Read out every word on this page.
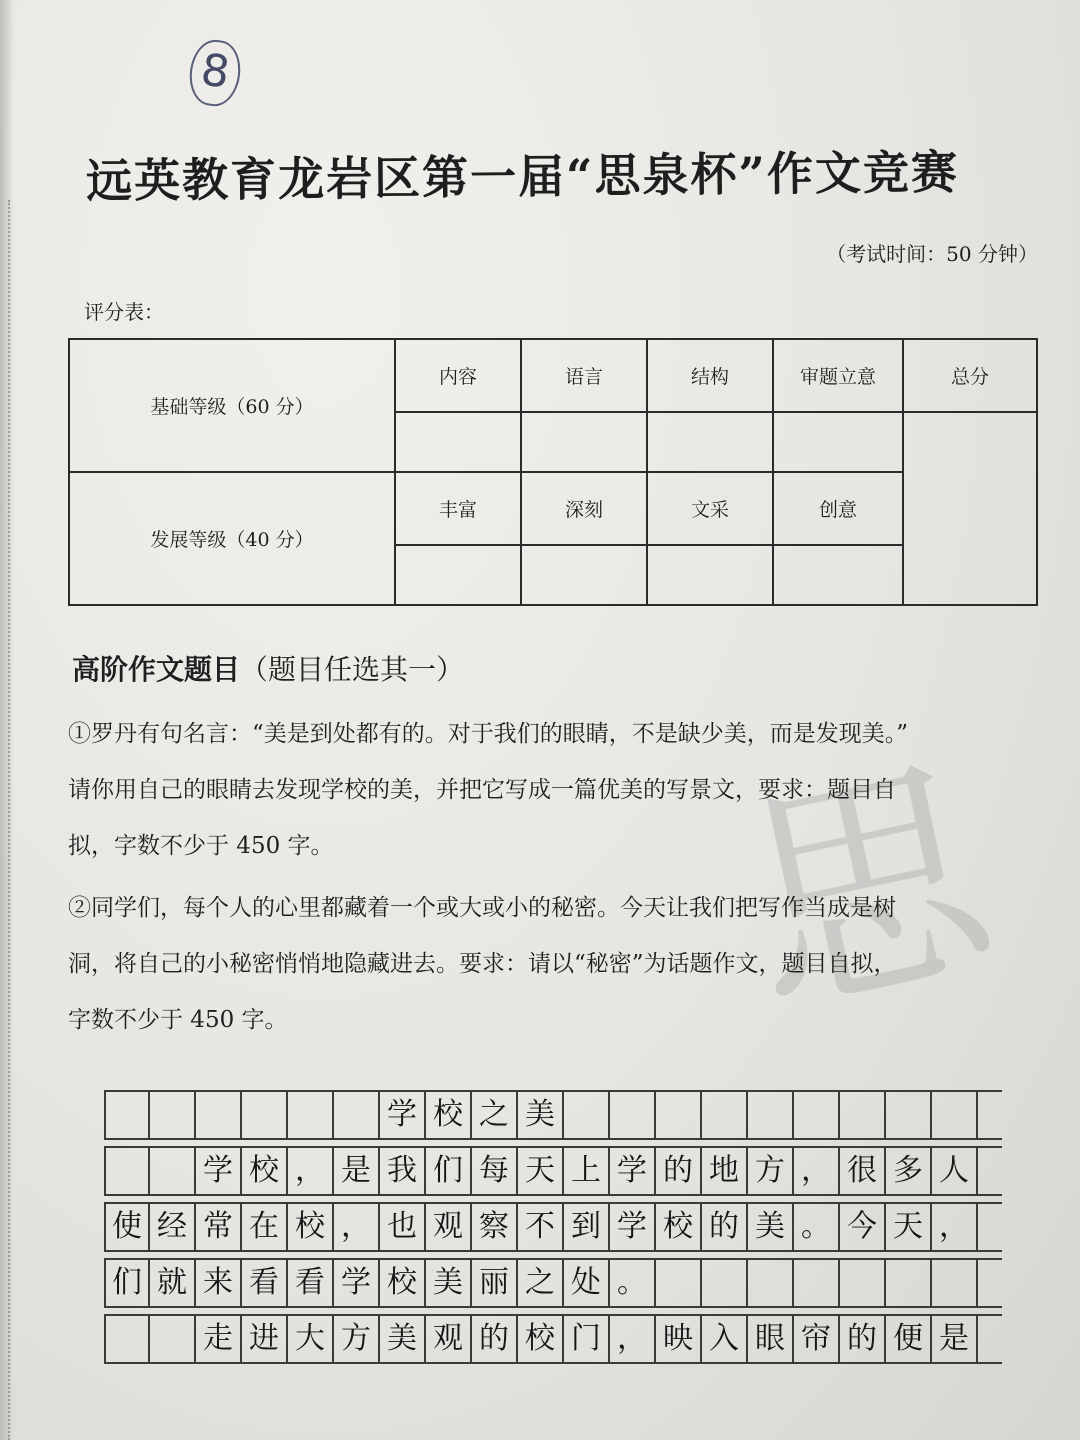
思
8
远英教育龙岩区第一届“思泉杯”作文竞赛
（考试时间：50 分钟）
评分表：
基础等级（60 分）	内容	语言	结构	审题立意	总分

发展等级（40 分）	丰富	深刻	文采	创意	

高阶作文题目（题目任选其一）
①罗丹有句名言：“美是到处都有的。对于我们的眼睛，不是缺少美，而是发现美。”
请你用自己的眼睛去发现学校的美，并把它写成一篇优美的写景文，要求：题目自
拟，字数不少于 450 字。
②同学们，每个人的心里都藏着一个或大或小的秘密。今天让我们把写作当成是树
洞，将自己的小秘密悄悄地隐藏进去。要求：请以“秘密”为话题作文，题目自拟，
字数不少于 450 字。
学 校 之 美
学 校 ， 是 我 们 每 天 上 学 的 地 方 ， 很 多 人
使 经 常 在 校 ， 也 观 察 不 到 学 校 的 美 。 今 天 ，
们 就 来 看 看 学 校 美 丽 之 处 。
走 进 大 方 美 观 的 校 门 ， 映 入 眼 帘 的 便 是
